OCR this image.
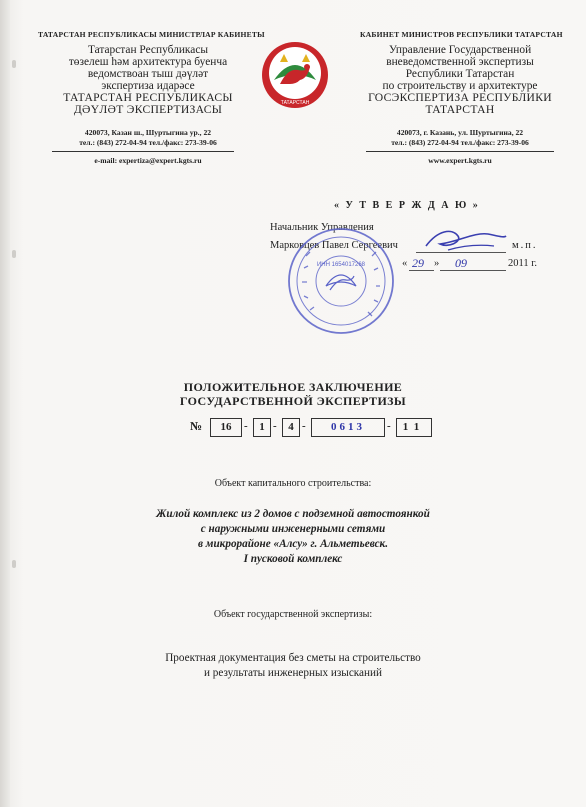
ТАТАРСТАН РЕСПУБЛИКАСЫ МИНИСТРЛАР КАБИНЕТЫ
Татарстан Республикасы
төзелеш һәм архитектура буенча
ведомствоан тыш дәүләт
экспертиза идарәсе
ТАТАРСТАН РЕСПУБЛИКАСЫ
ДӘҮЛӘТ ЭКСПЕРТИЗАСЫ
420073, Казан ш., Шуртыгина ур., 22
тел.: (843) 272-04-94 тел./факс: 273-39-06
e-mail: expertiza@expert.kgts.ru
ТАТАРСТАН
КАБИНЕТ МИНИСТРОВ РЕСПУБЛИКИ ТАТАРСТАН
Управление Государственной
вневедомственной экспертизы
Республики Татарстан
по строительству и архитектуре
ГОСЭКСПЕРТИЗА РЕСПУБЛИКИ
ТАТАРСТАН
420073, г. Казань, ул. Шуртыгина, 22
тел.: (843) 272-04-94 тел./факс: 273-39-06
www.expert.kgts.ru
« У Т В Е Р Ж Д А Ю »
Начальник Управления
Марковцев Павел Сергеевич	м.п.
« 29 » 09	2011 г.
ИНН 1654017268
ПОЛОЖИТЕЛЬНОЕ ЗАКЛЮЧЕНИЕ
ГОСУДАРСТВЕННОЙ ЭКСПЕРТИЗЫ
№	16	-	1 -	4 -	0613	-	11
Объект капитального строительства:
Жилой комплекс из 2 домов с подземной автостоянкой
с наружными инженерными сетями
в микрорайоне «Алсу» г. Альметьевск.
I пусковой комплекс
Объект государственной экспертизы:
Проектная документация без сметы на строительство
и результаты инженерных изысканий
